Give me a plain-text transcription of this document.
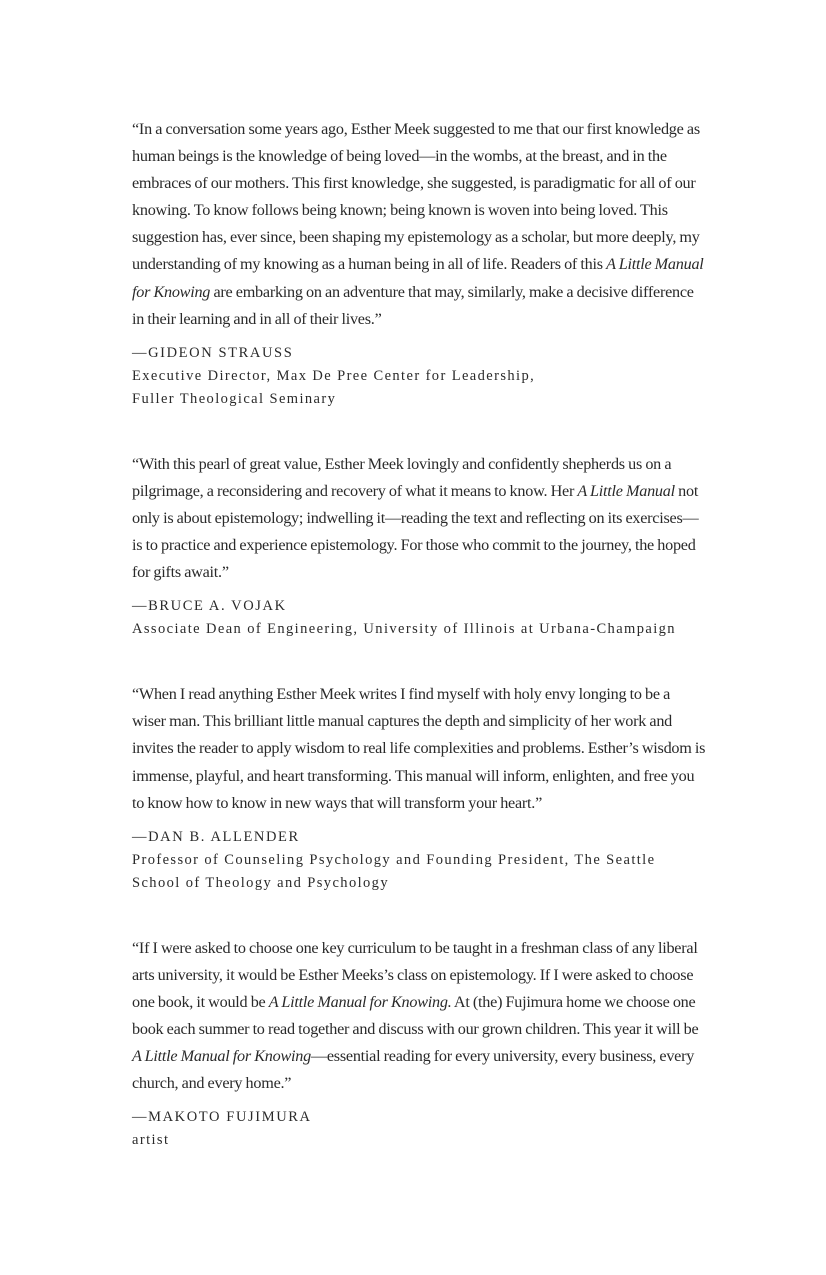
“In a conversation some years ago, Esther Meek suggested to me that our first knowledge as human beings is the knowledge of being loved—in the wombs, at the breast, and in the embraces of our mothers. This first knowledge, she suggested, is paradigmatic for all of our knowing. To know follows being known; being known is woven into being loved. This suggestion has, ever since, been shaping my epistemology as a scholar, but more deeply, my understanding of my knowing as a human being in all of life. Readers of this A Little Manual for Knowing are embarking on an adventure that may, similarly, make a decisive difference in their learning and in all of their lives.”

—GIDEON STRAUSS
Executive Director, Max De Pree Center for Leadership,
Fuller Theological Seminary

“With this pearl of great value, Esther Meek lovingly and confidently shepherds us on a pilgrimage, a reconsidering and recovery of what it means to know. Her A Little Manual not only is about epistemology; indwelling it—reading the text and reflecting on its exercises—is to practice and experience epistemology. For those who commit to the journey, the hoped for gifts await.”

—BRUCE A. VOJAK
Associate Dean of Engineering, University of Illinois at Urbana-Champaign

“When I read anything Esther Meek writes I find myself with holy envy longing to be a wiser man. This brilliant little manual captures the depth and simplicity of her work and invites the reader to apply wisdom to real life complexities and problems. Esther’s wisdom is immense, playful, and heart transforming. This manual will inform, enlighten, and free you to know how to know in new ways that will transform your heart.”

—DAN B. ALLENDER
Professor of Counseling Psychology and Founding President, The Seattle
School of Theology and Psychology

“If I were asked to choose one key curriculum to be taught in a freshman class of any liberal arts university, it would be Esther Meeks’s class on epistemology. If I were asked to choose one book, it would be A Little Manual for Knowing. At (the) Fujimura home we choose one book each summer to read together and discuss with our grown children. This year it will be A Little Manual for Knowing—essential reading for every university, every business, every church, and every home.”

—MAKOTO FUJIMURA
artist
